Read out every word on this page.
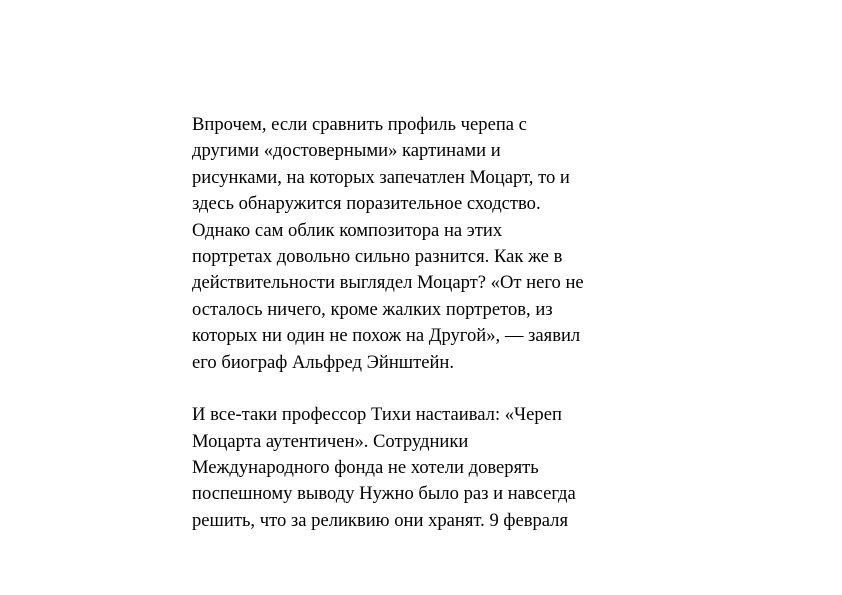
Впрочем, если сравнить профиль черепа с
другими «достоверными» картинами и
рисунками, на которых запечатлен Моцарт, то и
здесь обнаружится поразительное сходство.
Однако сам облик композитора на этих
портретах довольно сильно разнится. Как же в
действительности выглядел Моцарт? «От него не
осталось ничего, кроме жалких портретов, из
которых ни один не похож на Другой», — заявил
его биограф Альфред Эйнштейн.
И все-таки профессор Тихи настаивал: «Череп
Моцарта аутентичен». Сотрудники
Международного фонда не хотели доверять
поспешному выводу Нужно было раз и навсегда
решить, что за реликвию они хранят. 9 февраля
